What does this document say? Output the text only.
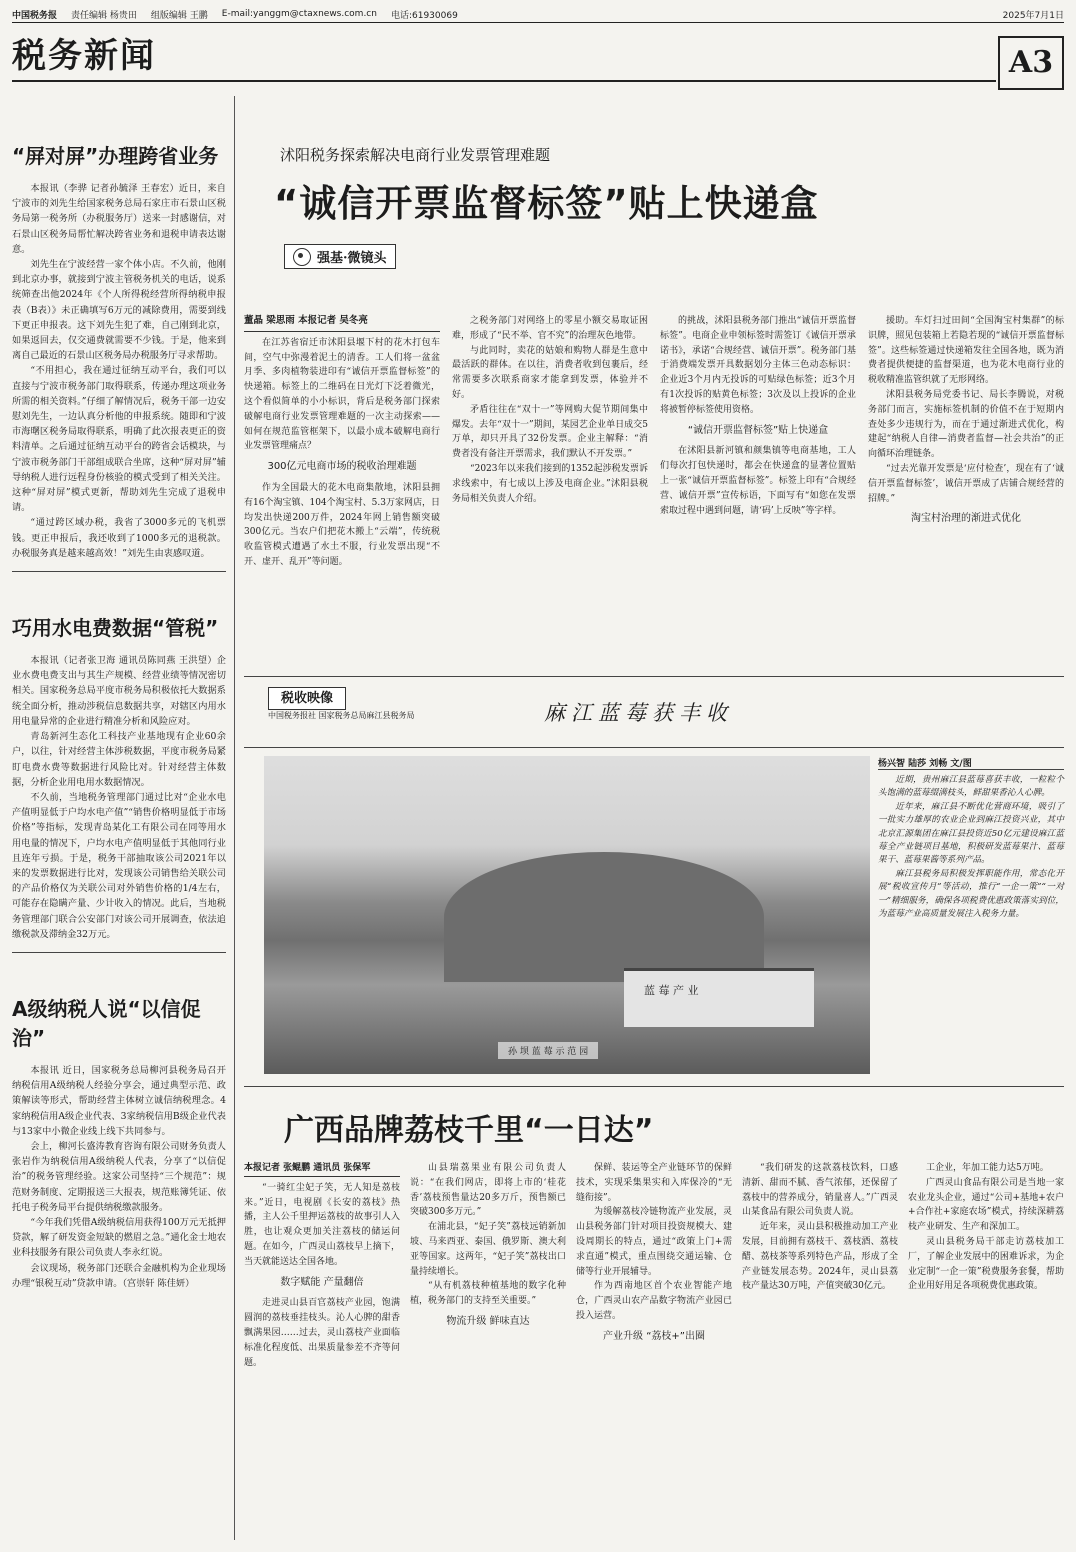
中国税务报 责任编辑 杨贵田 组版编辑 王鹏 E-mail:yanggm@ctaxnews.com.cn 电话:61930069	2025年7月1日
税务新闻	A3
“屏对屏”办理跨省业务

本报讯（李骅 记者孙毓泽 王春宏）近日，来自宁波市的刘先生给国家税务总局石家庄市石景山区税务局第一税务所（办税服务厅）送来一封感谢信，对石景山区税务局帮忙解决跨省业务和退税申请表达谢意。

刘先生在宁波经营一家个体小店。不久前，他刚到北京办事，就接到宁波主管税务机关的电话，说系统筛查出他2024年《个人所得税经营所得纳税申报表（B表）》未正确填写6万元的减除费用，需要到线下更正申报表。这下刘先生犯了难，自己刚到北京，如果返回去，仅交通费就需要不少钱。于是，他来到离自己最近的石景山区税务局办税服务厅寻求帮助。

“不用担心，我在通过征纳互动平台，我们可以直接与宁波市税务部门取得联系，传递办理这项业务所需的相关资料。”仔细了解情况后，税务干部一边安慰刘先生，一边认真分析他的申报系统。随即和宁波市海曙区税务局取得联系，明确了此次报表更正的资料清单。之后通过征纳互动平台的跨省会话模块，与宁波市税务部门干部组成联合坐席，这种“屏对屏”辅导纳税人进行远程身份核验的模式受到了相关关注。这种“屏对屏”模式更新，帮助刘先生完成了退税申请。

“通过跨区域办税，我省了3000多元的飞机票钱。更正申报后，我还收到了1000多元的退税款。办税服务真是越来越高效！”刘先生由衷感叹道。

巧用水电费数据“管税”

本报讯（记者张卫海 通讯员陈同燕 王洪望）企业水费电费支出与其生产规模、经营业绩等情况密切相关。国家税务总局平度市税务局积极依托大数据系统全面分析，推动涉税信息数据共享，对辖区内用水用电量异常的企业进行精准分析和风险应对。

青岛新河生态化工科技产业基地现有企业60余户，以往，针对经营主体涉税数据，平度市税务局紧盯电费水费等数据进行风险比对。针对经营主体数据，分析企业用电用水数据情况。

不久前，当地税务管理部门通过比对“企业水电产值明显低于户均水电产值”“销售价格明显低于市场价格”等指标，发现青岛某化工有限公司在同等用水用电量的情况下，户均水电产值明显低于其他同行业且连年亏损。于是，税务干部抽取该公司2021年以来的发票数据进行比对，发现该公司销售给关联公司的产品价格仅为关联公司对外销售价格的1/4左右，可能存在隐瞒产量、少计收入的情况。此后，当地税务管理部门联合公安部门对该公司开展调查，依法追缴税款及滞纳金32万元。

A级纳税人说“以信促治”

本报讯 近日，国家税务总局柳河县税务局召开纳税信用A级纳税人经验分享会，通过典型示范、政策解读等形式，帮助经营主体树立诚信纳税理念。4家纳税信用A级企业代表、3家纳税信用B级企业代表与13家中小微企业线上线下共同参与。

会上，柳河长盛涛教育咨询有限公司财务负责人张岩作为纳税信用A级纳税人代表，分享了“以信促治”的税务管理经验。这家公司坚持“三个规范”：规范财务制度、定期报送三大报表，规范账簿凭证、依托电子税务局平台提供纳税缴款服务。

“今年我们凭借A级纳税信用获得100万元无抵押贷款，解了研发资金短缺的燃眉之急。”通化金士地农业科技服务有限公司负责人李永红说。

会议现场，税务部门还联合金融机构为企业现场办理“银税互动”贷款申请。（宫崇轩 陈佳妍）

沭阳税务探索解决电商行业发票管理难题
“诚信开票监督标签”贴上快递盒
强基·微镜头
董晶 梁思雨 本报记者 吴冬亮

在江苏省宿迁市沭阳县堰下村的花木打包车间，空气中弥漫着泥土的清香。工人们将一盆盆月季、多肉植物装进印有“诚信开票监督标签”的快递箱。标签上的二维码在日光灯下泛着微光，这个看似简单的小小标识，背后是税务部门探索破解电商行业发票管理难题的一次主动探索——如何在规范监管框架下，以最小成本破解电商行业发票管理痛点？

300亿元电商市场的税收治理难题

作为全国最大的花木电商集散地，沭阳县拥有16个淘宝镇、104个淘宝村、5.3万家网店，日均发出快递200万件，2024年网上销售额突破300亿元。当农户们把花木搬上“云端”，传统税收监管模式遭遇了水土不服，行业发票出现“不开、虚开、乱开”等问题。

之税务部门对网络上的零星小额交易取证困难，形成了“民不举、官不究”的治理灰色地带。

与此同时，卖花的姑娘和购物人群是生意中最活跃的群体。在以往，消费者收到包裹后，经常需要多次联系商家才能拿到发票，体验并不好。

矛盾往往在“双十一”等网购大促节期间集中爆发。去年“双十一”期间，某园艺企业单日成交5万单，却只开具了32份发票。企业主解释：“消费者没有备注开票需求，我们默认不开发票。”

“2023年以来我们接到的1352起涉税发票诉求线索中，有七成以上涉及电商企业。”沭阳县税务局相关负责人介绍。

的挑战，沭阳县税务部门推出“诚信开票监督标签”。电商企业申领标签时需签订《诚信开票承诺书》，承诺“合规经营、诚信开票”。税务部门基于消费端发票开具数据划分主体三色动态标识：企业近3个月内无投诉的可贴绿色标签；近3个月有1次投诉的贴黄色标签；3次及以上投诉的企业将被暂停标签使用资格。

“诚信开票监督标签”贴上快递盒

在沭阳县新河镇和颜集镇等电商基地，工人们每次打包快递时，都会在快递盒的显著位置贴上一张“诚信开票监督标签”。标签上印有“合规经营、诚信开票”宣传标语，下面写有“如您在发票索取过程中遇到问题，请‘码’上反映”等字样。

援助。车灯扫过田间“全国淘宝村集群”的标识牌，照见包装箱上若隐若现的“诚信开票监督标签”。这些标签通过快递箱发往全国各地，既为消费者提供便捷的监督渠道，也为花木电商行业的税收精准监管织就了无形网络。

沭阳县税务局党委书记、局长李腾说，对税务部门而言，实施标签机制的价值不在于短期内查处多少违规行为，而在于通过渐进式优化，构建起“纳税人自律—消费者监督—社会共治”的正向循环治理链条。

“过去光靠开发票是‘应付检查’，现在有了‘诚信开票监督标签’，诚信开票成了店铺合规经营的招牌。”

淘宝村治理的渐进式优化
税收映像
中国税务报社 国家税务总局麻江县税务局	麻江蓝莓获丰收
蓝 莓 产 业
孙 坝 蓝 莓 示 范 园
杨兴智 陆莎 刘畅 文/图

近期，贵州麻江县蓝莓喜获丰收，一粒粒个头饱满的蓝莓缀满枝头，鲜甜果香沁人心脾。

近年来，麻江县不断优化营商环境，吸引了一批实力雄厚的农业企业到麻江投资兴业，其中北京汇源集团在麻江县投资近50亿元建设麻江蓝莓全产业链项目基地，积极研发蓝莓果汁、蓝莓果干、蓝莓果酱等系列产品。

麻江县税务局积极发挥职能作用，常态化开展“税收宣传月”等活动，推行“一企一策”“一对一”精细服务，确保各项税费优惠政策落实到位，为蓝莓产业高质量发展注入税务力量。

广西品牌荔枝千里“一日达”
本报记者 张鲲鹏 通讯员 张保军

“一骑红尘妃子笑，无人知是荔枝来。”近日，电视剧《长安的荔枝》热播，主人公千里押运荔枝的故事引人入胜，也让观众更加关注荔枝的储运问题。在如今，广西灵山荔枝早上摘下，当天就能送达全国各地。

数字赋能 产量翻倍

走进灵山县百官荔枝产业园，饱满圆润的荔枝垂挂枝头。沁人心脾的甜香飘满果园……过去，灵山荔枝产业面临标准化程度低、出果质量参差不齐等问题。

山县瑞荔果业有限公司负责人说：“在我们网店，即将上市的‘桂花香’荔枝预售量达20多万斤，预售额已突破300多万元。”

在浦北县，“妃子笑”荔枝远销新加坡、马来西亚、泰国、俄罗斯、澳大利亚等国家。这两年，“妃子笑”荔枝出口量持续增长。

“从有机荔枝种植基地的数字化种植，税务部门的支持至关重要。”

物流升级 鲜味直达

保鲜、装运等全产业链环节的保鲜技术，实现采集果实和入库保冷的“无缝衔接”。

为缓解荔枝冷链物流产业发展，灵山县税务部门针对项目投资规模大、建设周期长的特点，通过“政策上门+需求直通”模式，重点围绕交通运输、仓储等行业开展辅导。

作为西南地区首个农业智能产地仓，广西灵山农产品数字物流产业园已投入运营。

产业升级 “荔枝+”出圈

“我们研发的这款荔枝饮料，口感清新、甜而不腻、香气浓郁，还保留了荔枝中的营养成分，销量喜人。”广西灵山某食品有限公司负责人说。

近年来，灵山县积极推动加工产业发展，目前拥有荔枝干、荔枝酒、荔枝醋、荔枝茶等系列特色产品，形成了全产业链发展态势。2024年，灵山县荔枝产量达30万吨，产值突破30亿元。

工企业，年加工能力达5万吨。

广西灵山食品有限公司是当地一家农业龙头企业，通过“公司+基地+农户+合作社+家庭农场”模式，持续深耕荔枝产业研发、生产和深加工。

灵山县税务局干部走访荔枝加工厂，了解企业发展中的困难诉求，为企业定制“一企一策”税费服务套餐，帮助企业用好用足各项税费优惠政策。
